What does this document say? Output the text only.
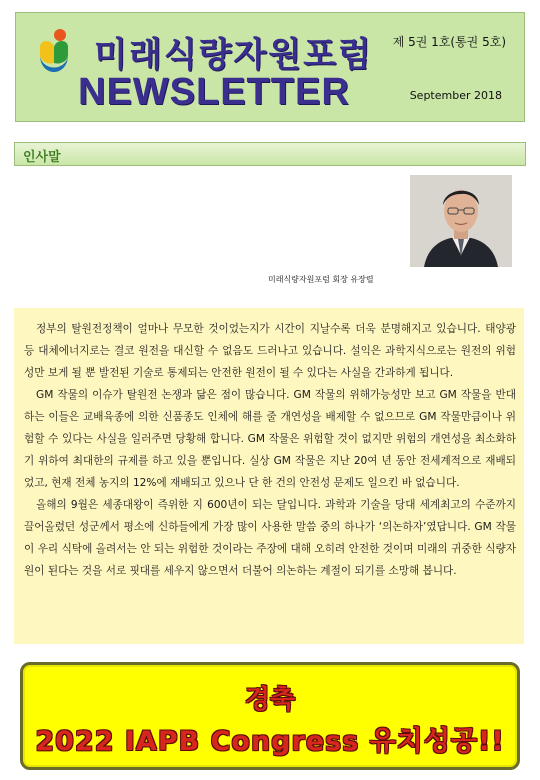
미래식량자원포럼
NEWSLETTER
제 5권 1호(통권 5호)
September 2018
인사말
미래식량자원포럼 회장 유장렬

정부의 탈원전정책이 얼마나 무모한 것이었는지가 시간이 지날수록 더욱 분명해지고 있습니다. 태양광 등 대체에너지로는 결코 원전을 대신할 수 없음도 드러나고 있습니다. 설익은 과학지식으로는 원전의 위험성만 보게 될 뿐 발전된 기술로 통제되는 안전한 원전이 될 수 있다는 사실을 간과하게 됩니다.

GM 작물의 이슈가 탈원전 논쟁과 닮은 점이 많습니다. GM 작물의 위해가능성만 보고 GM 작물을 반대하는 이들은 교배육종에 의한 신품종도 인체에 해를 줄 개연성을 배제할 수 없으므로 GM 작물만큼이나 위험할 수 있다는 사실을 일러주면 당황해 합니다. GM 작물은 위험할 것이 없지만 위험의 개연성을 최소화하기 위하여 최대한의 규제를 하고 있을 뿐입니다. 실상 GM 작물은 지난 20여 년 동안 전세계적으로 재배되었고, 현재 전체 농지의 12%에 재배되고 있으나 단 한 건의 안전성 문제도 일으킨 바 없습니다.

올해의 9월은 세종대왕이 즉위한 지 600년이 되는 달입니다. 과학과 기술을 당대 세계최고의 수준까지 끌어올렸던 성군께서 평소에 신하들에게 가장 많이 사용한 말씀 중의 하나가 ‘의논하자’였답니다. GM 작물이 우리 식탁에 올려서는 안 되는 위험한 것이라는 주장에 대해 오히려 안전한 것이며 미래의 귀중한 식량자원이 된다는 것을 서로 핏대를 세우지 않으면서 더불어 의논하는 계절이 되기를 소망해 봅니다.

경축
2022 IAPB Congress 유치성공!!
